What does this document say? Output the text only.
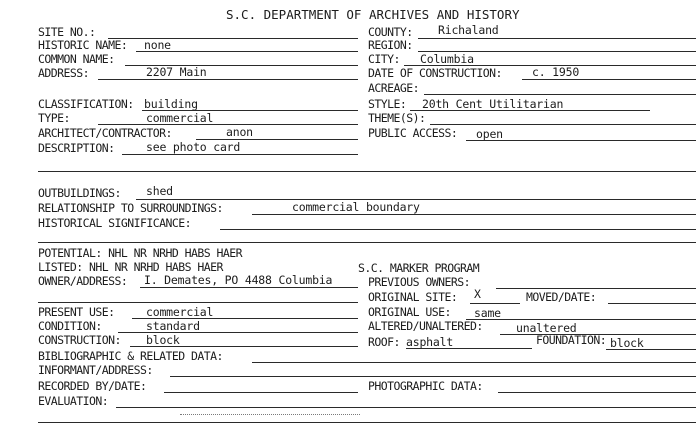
S.C. DEPARTMENT OF ARCHIVES AND HISTORY
SITE NO.:
HISTORIC NAME: none
COMMON NAME:
ADDRESS:	2207 Main
CLASSIFICATION: building
TYPE:	commercial
ARCHITECT/CONTRACTOR:	anon
DESCRIPTION:	see photo card
COUNTY: Richaland
REGION:
CITY: Columbia
DATE OF CONSTRUCTION:	c. 1950
ACREAGE:
STYLE: 20th Cent Utilitarian
THEME(S):
PUBLIC ACCESS: open
OUTBUILDINGS: shed
RELATIONSHIP TO SURROUNDINGS:	commercial boundary
HISTORICAL SIGNIFICANCE:
POTENTIAL: NHL NR NRHD HABS HAER
LISTED: NHL NR NRHD HABS HAER	S.C. MARKER PROGRAM
OWNER/ADDRESS: I. Demates, PO 4488 Columbia	PREVIOUS OWNERS:
ORIGINAL SITE: X	MOVED/DATE:
PRESENT USE:	commercial
CONDITION:	standard
CONSTRUCTION: block
ORIGINAL USE: same
ALTERED/UNALTERED:	unaltered
ROOF: asphalt	FOUNDATION: block
BIBLIOGRAPHIC & RELATED DATA:
INFORMANT/ADDRESS:
RECORDED BY/DATE:	PHOTOGRAPHIC DATA:
EVALUATION:
